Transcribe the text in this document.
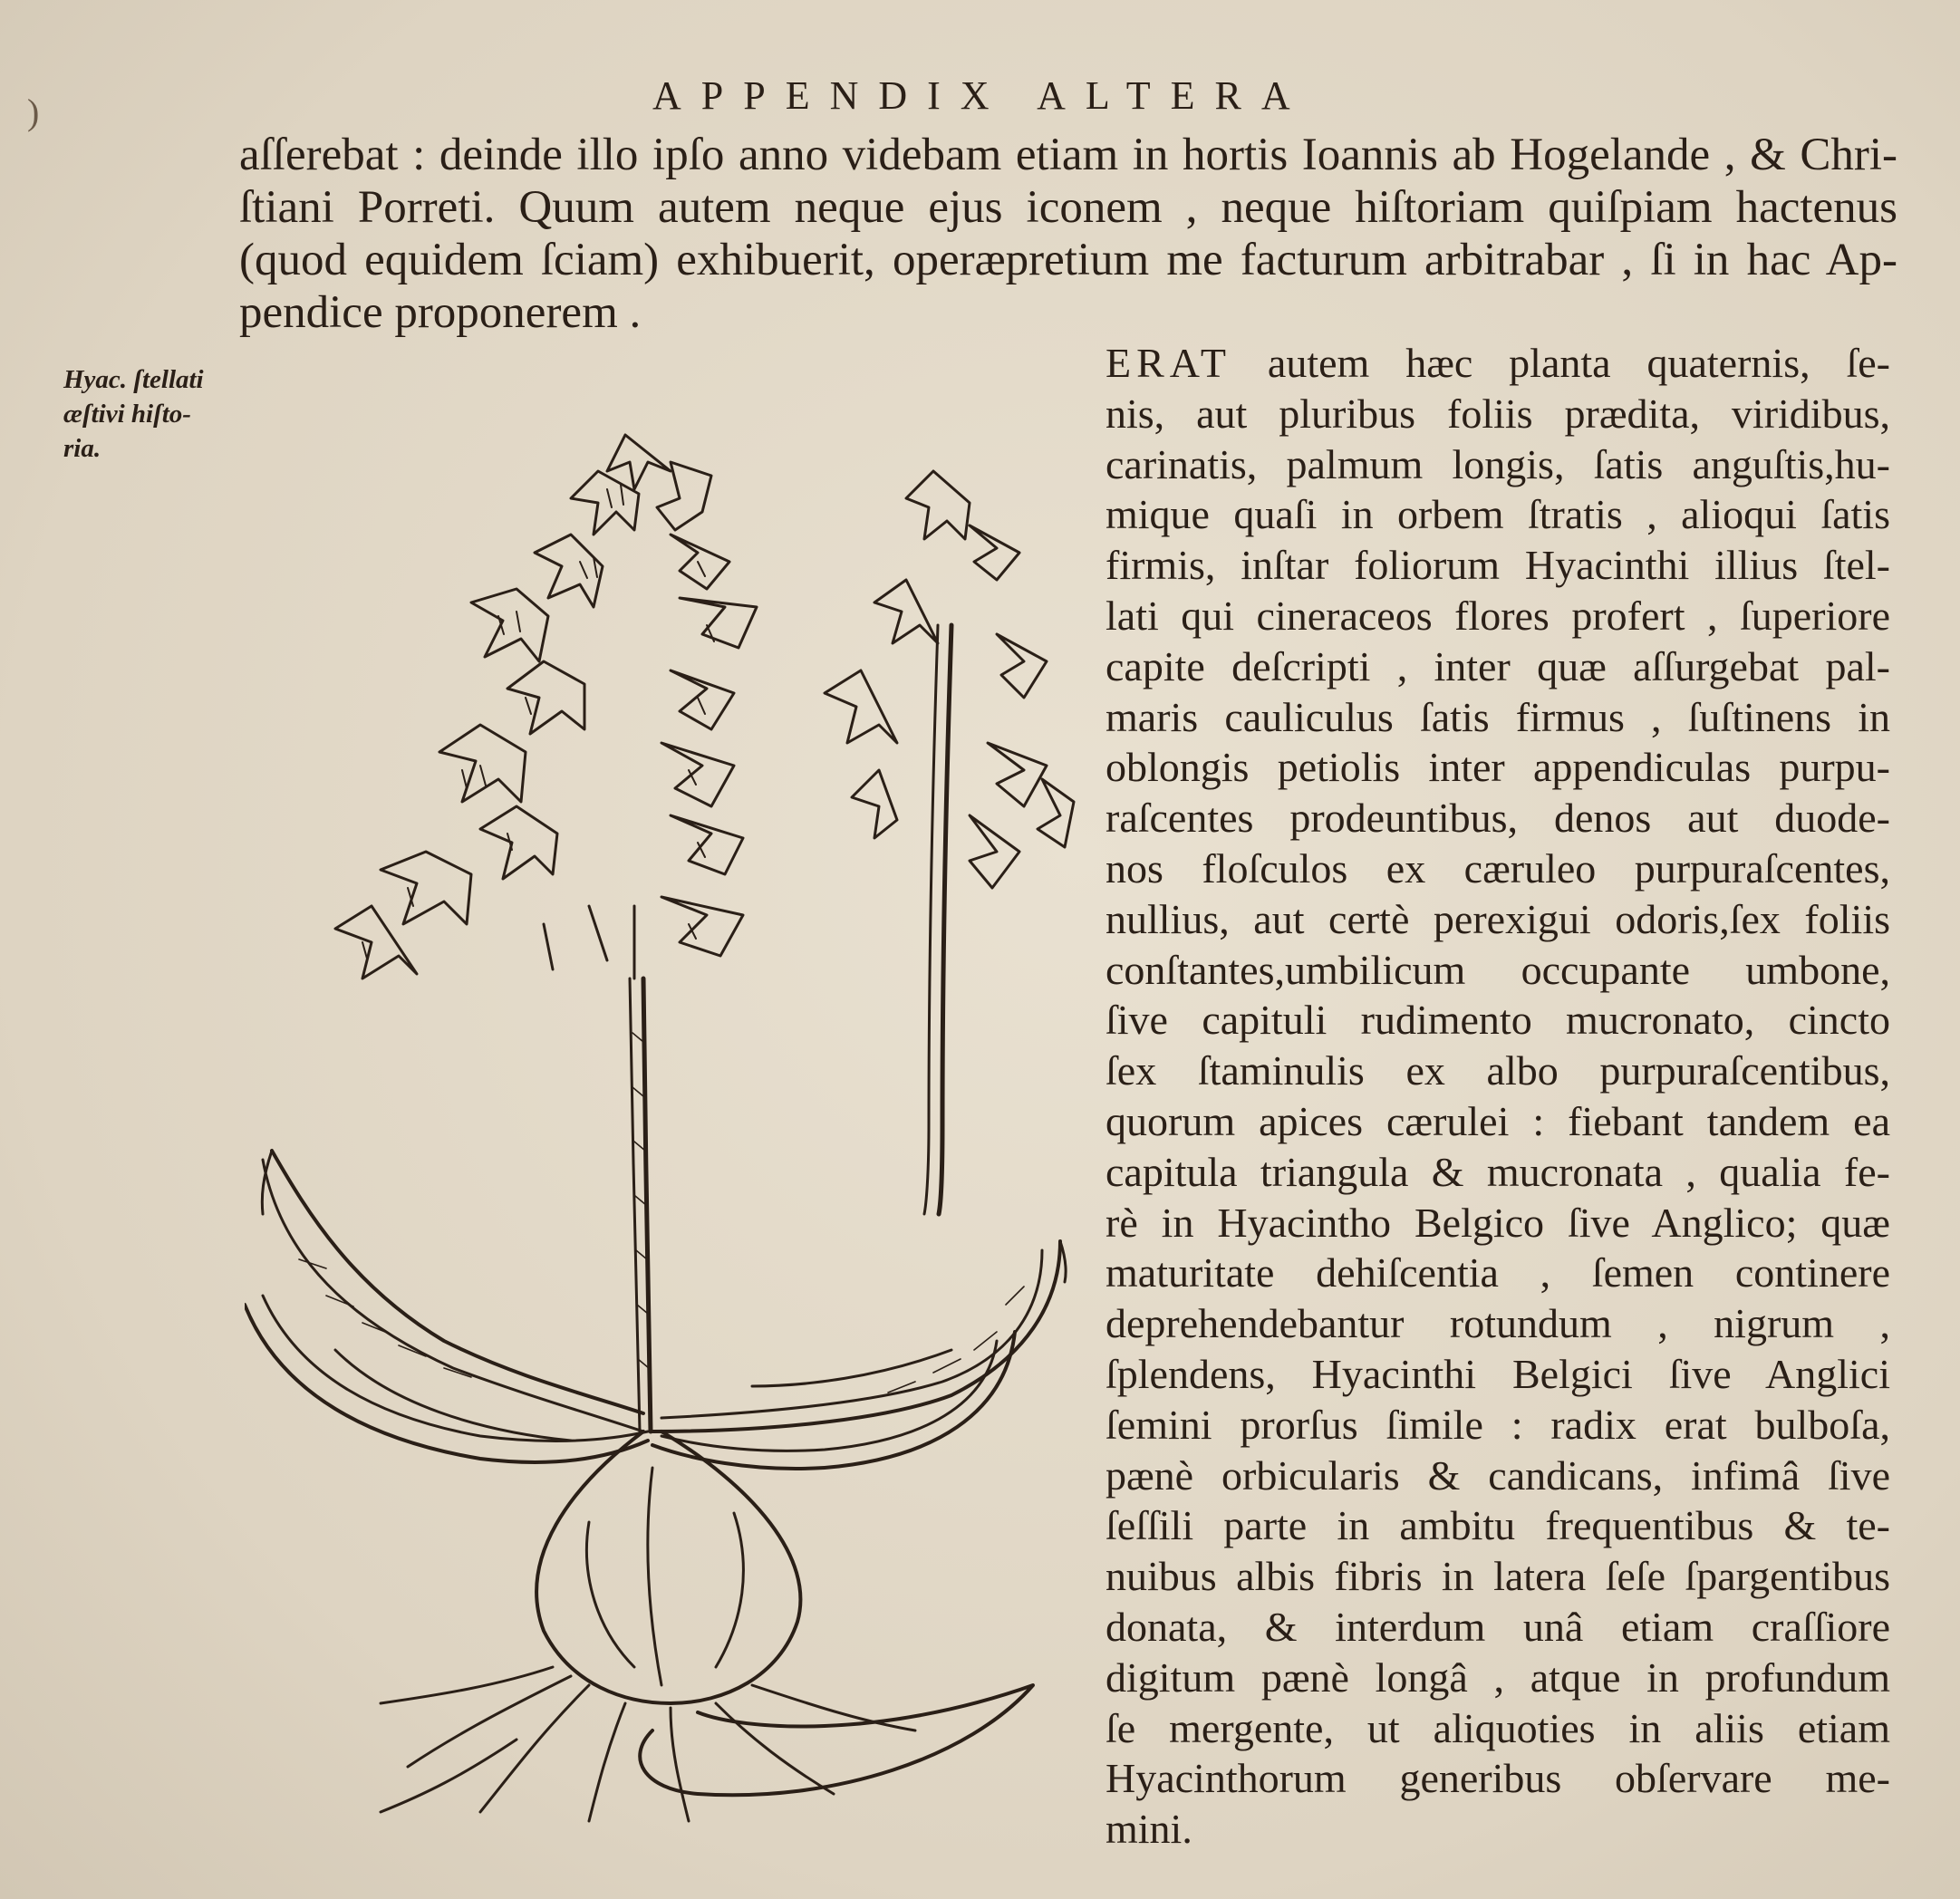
)	APPENDIX ALTERA
aſſerebat : deinde illo ipſo anno videbam etiam in hortis Ioannis ab Hogelande , & Chri-
ſtiani Porreti. Quum autem neque ejus iconem , neque hiſtoriam quiſpiam hactenus
(quod equidem ſciam) exhibuerit, operæpretium me facturum arbitrabar , ſi in hac Ap-
pendice proponerem .
Hyac. ſtellati
æſtivi hiſto-
ria.
ERAT autem hæc planta quaternis, ſe-
nis, aut pluribus foliis prædita, viridibus,
carinatis, palmum longis, ſatis anguſtis,hu-
mique quaſi in orbem ſtratis , alioqui ſatis
firmis, inſtar foliorum Hyacinthi illius ſtel-
lati qui cineraceos flores profert , ſuperiore
capite deſcripti , inter quæ aſſurgebat pal-
maris cauliculus ſatis firmus , ſuſtinens in
oblongis petiolis inter appendiculas purpu-
raſcentes prodeuntibus, denos aut duode-
nos floſculos ex cæruleo purpuraſcentes,
nullius, aut certè perexigui odoris,ſex foliis
conſtantes,umbilicum occupante umbone,
ſive capituli rudimento mucronato, cincto
ſex ſtaminulis ex albo purpuraſcentibus,
quorum apices cærulei : fiebant tandem ea
capitula triangula & mucronata , qualia fe-
rè in Hyacintho Belgico ſive Anglico; quæ
maturitate dehiſcentia , ſemen continere
deprehendebantur rotundum , nigrum ,
ſplendens, Hyacinthi Belgici ſive Anglici
ſemini prorſus ſimile : radix erat bulboſa,
pænè orbicularis & candicans, infimâ ſive
ſeſſili parte in ambitu frequentibus & te-
nuibus albis fibris in latera ſeſe ſpargentibus
donata, & interdum unâ etiam craſſiore
digitum pænè longâ , atque in profundum
ſe mergente, ut aliquoties in aliis etiam
Hyacinthorum generibus obſervare me-
mini.
